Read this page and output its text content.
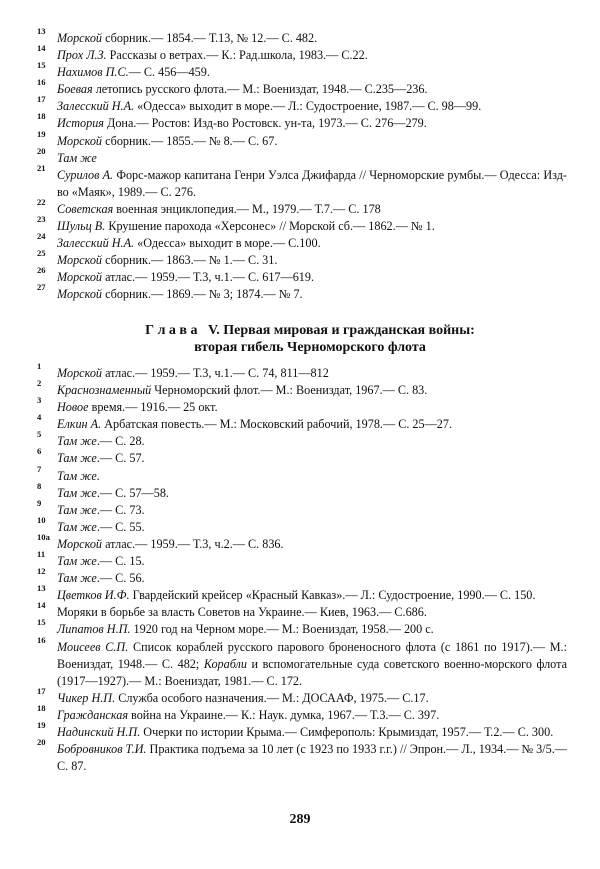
13 Морской сборник.— 1854.— Т.13, № 12.— С. 482.
14 Прох Л.З. Рассказы о ветрах.— К.: Рад.школа, 1983.— С.22.
15 Нахимов П.С.— С. 456—459.
16 Боевая летопись русского флота.— М.: Воениздат, 1948.— С.235—236.
17 Залесский Н.А. «Одесса» выходит в море.— Л.: Судостроение, 1987.— С. 98—99.
18 История Дона.— Ростов: Изд-во Ростовск. ун-та, 1973.— С. 276—279.
19 Морской сборник.— 1855.— № 8.— С. 67.
20 Там же
21 Сурилов А. Форс-мажор капитана Генри Уэлса Джифарда // Черноморские румбы.— Одесса: Изд-во «Маяк», 1989.— С. 276.
22 Советская военная энциклопедия.— М., 1979.— Т.7.— С. 178
23 Шульц В. Крушение парохода «Херсонес» // Морской сб.— 1862.— № 1.
24 Залесский Н.А. «Одесса» выходит в море.— С.100.
25 Морской сборник.— 1863.— № 1.— С. 31.
26 Морской атлас.— 1959.— Т.3, ч.1.— С. 617—619.
27 Морской сборник.— 1869.— № 3; 1874.— № 7.
Г л а в а   V. Первая мировая и гражданская войны:
вторая гибель Черноморского флота
1 Морской атлас.— 1959.— Т.3, ч.1.— С. 74, 811—812
2 Краснознаменный Черноморский флот.— М.: Воениздат, 1967.— С. 83.
3 Новое время.— 1916.— 25 окт.
4 Елкин А. Арбатская повесть.— М.: Московский рабочий, 1978.— С. 25—27.
5 Там же.— С. 28.
6 Там же.— С. 57.
7 Там же.
8 Там же.— С. 57—58.
9 Там же.— С. 73.
10 Там же.— С. 55.
10a Морской атлас.— 1959.— Т.3, ч.2.— С. 836.
11 Там же.— С. 15.
12 Там же.— С. 56.
13 Цветков И.Ф. Гвардейский крейсер «Красный Кавказ».— Л.: Судостроение, 1990.— С. 150.
14 Моряки в борьбе за власть Советов на Украине.— Киев, 1963.— С.686.
15 Липатов Н.П. 1920 год на Черном море.— М.: Воениздат, 1958.— 200 с.
16 Моисеев С.П. Список кораблей русского парового броненосного флота (с 1861 по 1917).— М.: Воениздат, 1948.— С. 482; Корабли и вспомогательные суда советского военно-морского флота (1917—1927).— М.: Воениздат, 1981.— С. 172.
17 Чикер Н.П. Служба особого назначения.— М.: ДОСААФ, 1975.— С.17.
18 Гражданская война на Украине.— К.: Наук. думка, 1967.— Т.3.— С. 397.
19 Надинский Н.П. Очерки по истории Крыма.— Симферополь: Крымиздат, 1957.— Т.2.— С. 300.
20 Бобровников Т.И. Практика подъема за 10 лет (с 1923 по 1933 г.г.) // Эпрон.— Л., 1934.— № 3/5.— С. 87.
289
